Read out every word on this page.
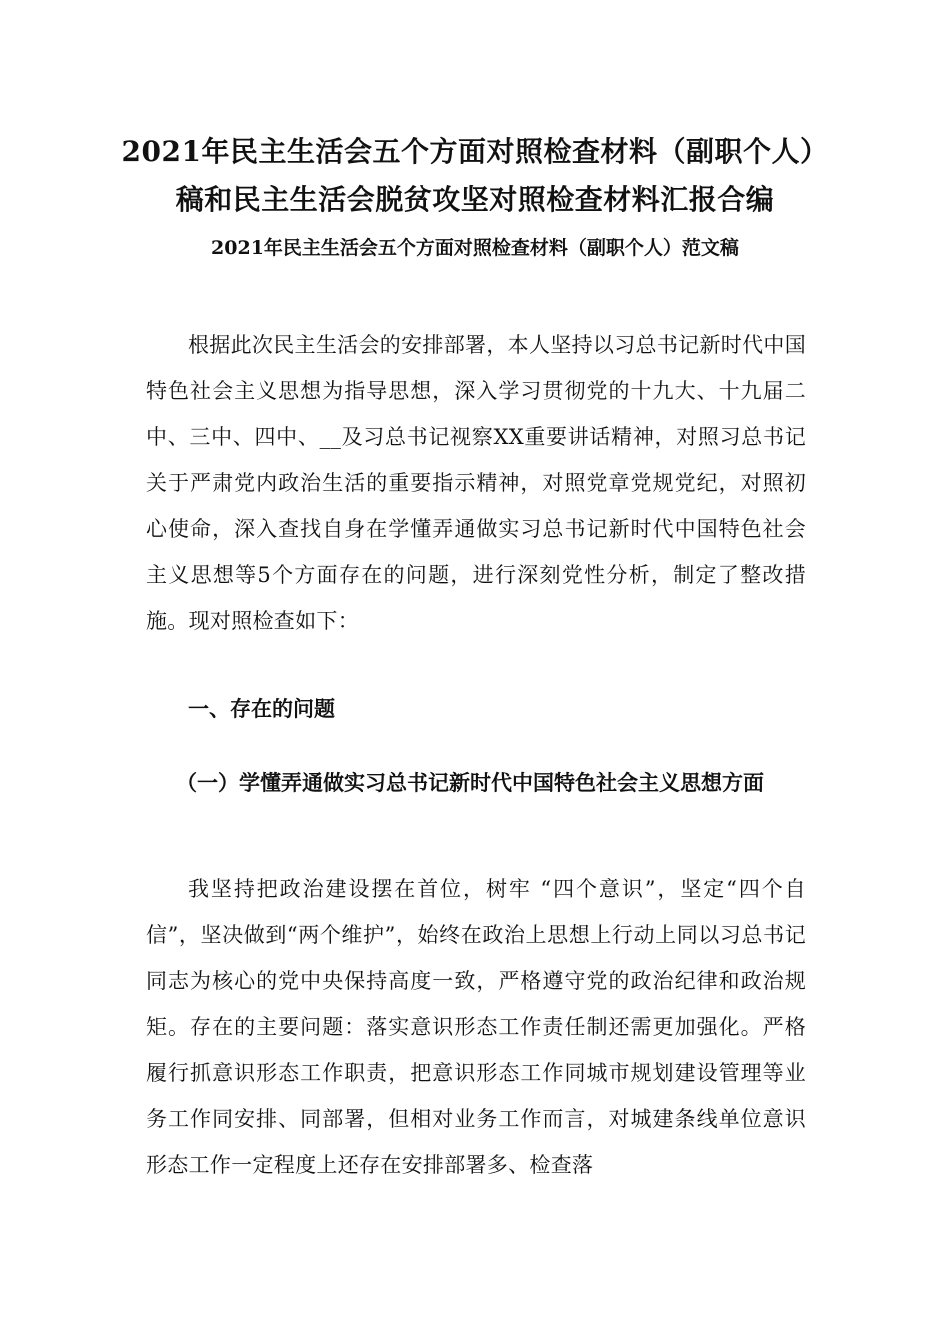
2021年民主生活会五个方面对照检查材料（副职个人）稿和民主生活会脱贫攻坚对照检查材料汇报合编
2021年民主生活会五个方面对照检查材料（副职个人）范文稿
根据此次民主生活会的安排部署，本人坚持以习总书记新时代中国特色社会主义思想为指导思想，深入学习贯彻党的十九大、十九届二中、三中、四中、__及习总书记视察XX重要讲话精神，对照习总书记关于严肃党内政治生活的重要指示精神，对照党章党规党纪，对照初心使命，深入查找自身在学懂弄通做实习总书记新时代中国特色社会主义思想等5个方面存在的问题，进行深刻党性分析，制定了整改措施。现对照检查如下：
一、存在的问题
（一）学懂弄通做实习总书记新时代中国特色社会主义思想方面
我坚持把政治建设摆在首位，树牢 “四个意识”，坚定“四个自信”，坚决做到“两个维护”，始终在政治上思想上行动上同以习总书记同志为核心的党中央保持高度一致，严格遵守党的政治纪律和政治规矩。存在的主要问题：落实意识形态工作责任制还需更加强化。严格履行抓意识形态工作职责，把意识形态工作同城市规划建设管理等业务工作同安排、同部署，但相对业务工作而言，对城建条线单位意识形态工作一定程度上还存在安排部署多、检查落
